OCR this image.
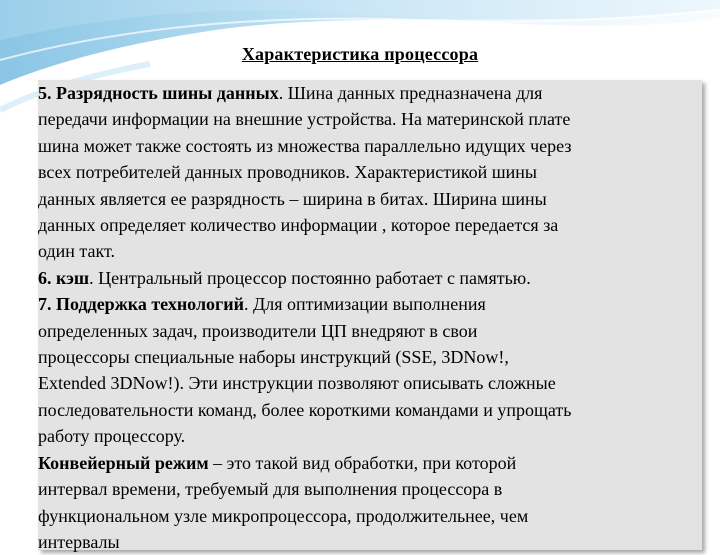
Характеристика процессора
5. Разрядность шины данных. Шина данных предназначена для
передачи информации на внешние устройства. На материнской плате
шина может также состоять из множества параллельно идущих через
всех потребителей данных проводников. Характеристикой шины
данных является ее разрядность – ширина в битах. Ширина шины
данных определяет количество информации , которое передается за
один такт.
6. кэш. Центральный процессор постоянно работает с памятью.
7. Поддержка технологий. Для оптимизации выполнения
определенных задач, производители ЦП внедряют в свои
процессоры специальные наборы инструкций (SSE, 3DNow!,
Extended 3DNow!). Эти инструкции позволяют описывать сложные
последовательности команд, более короткими командами и упрощать
работу процессору.
Конвейерный режим – это такой вид обработки, при которой
интервал времени, требуемый для выполнения процессора в
функциональном узле микропроцессора, продолжительнее, чем
интервалы
